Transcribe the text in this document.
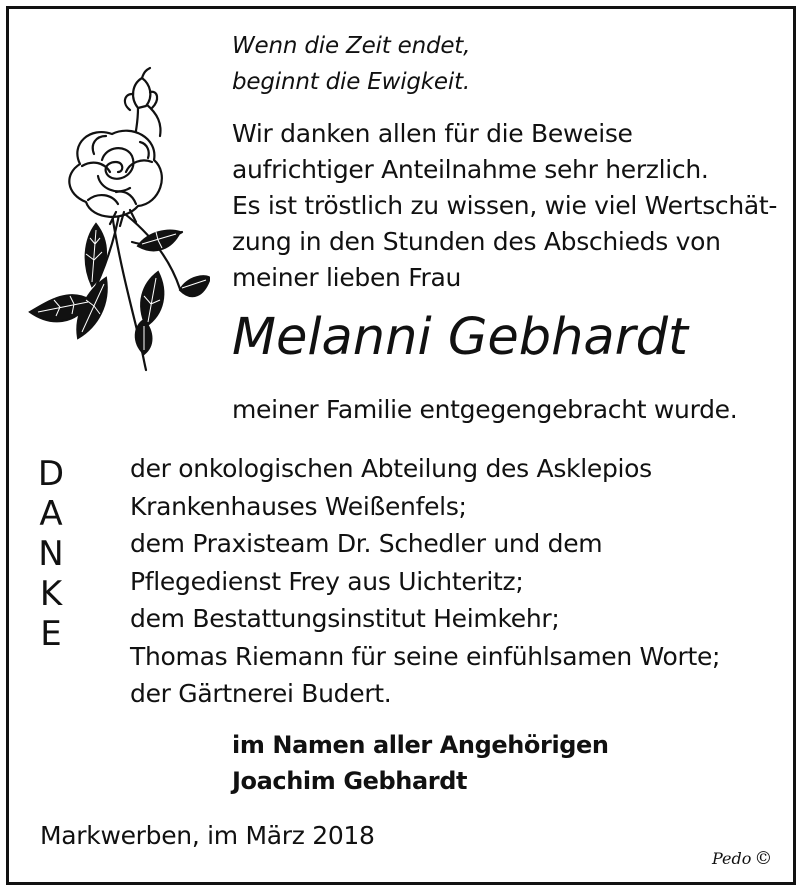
Wenn die Zeit endet,
beginnt die Ewigkeit.
Wir danken allen für die Beweise
aufrichtiger Anteilnahme sehr herzlich.
Es ist tröstlich zu wissen, wie viel Wertschät-
zung in den Stunden des Abschieds von
meiner lieben Frau
Melanni Gebhardt
meiner Familie entgegengebracht wurde.
D
A
N
K
E
der onkologischen Abteilung des Asklepios
Krankenhauses Weißenfels;
dem Praxisteam Dr. Schedler und dem
Pflegedienst Frey aus Uichteritz;
dem Bestattungsinstitut Heimkehr;
Thomas Riemann für seine einfühlsamen Worte;
der Gärtnerei Budert.
im Namen aller Angehörigen
Joachim Gebhardt
Markwerben, im März 2018
Pedo ©
